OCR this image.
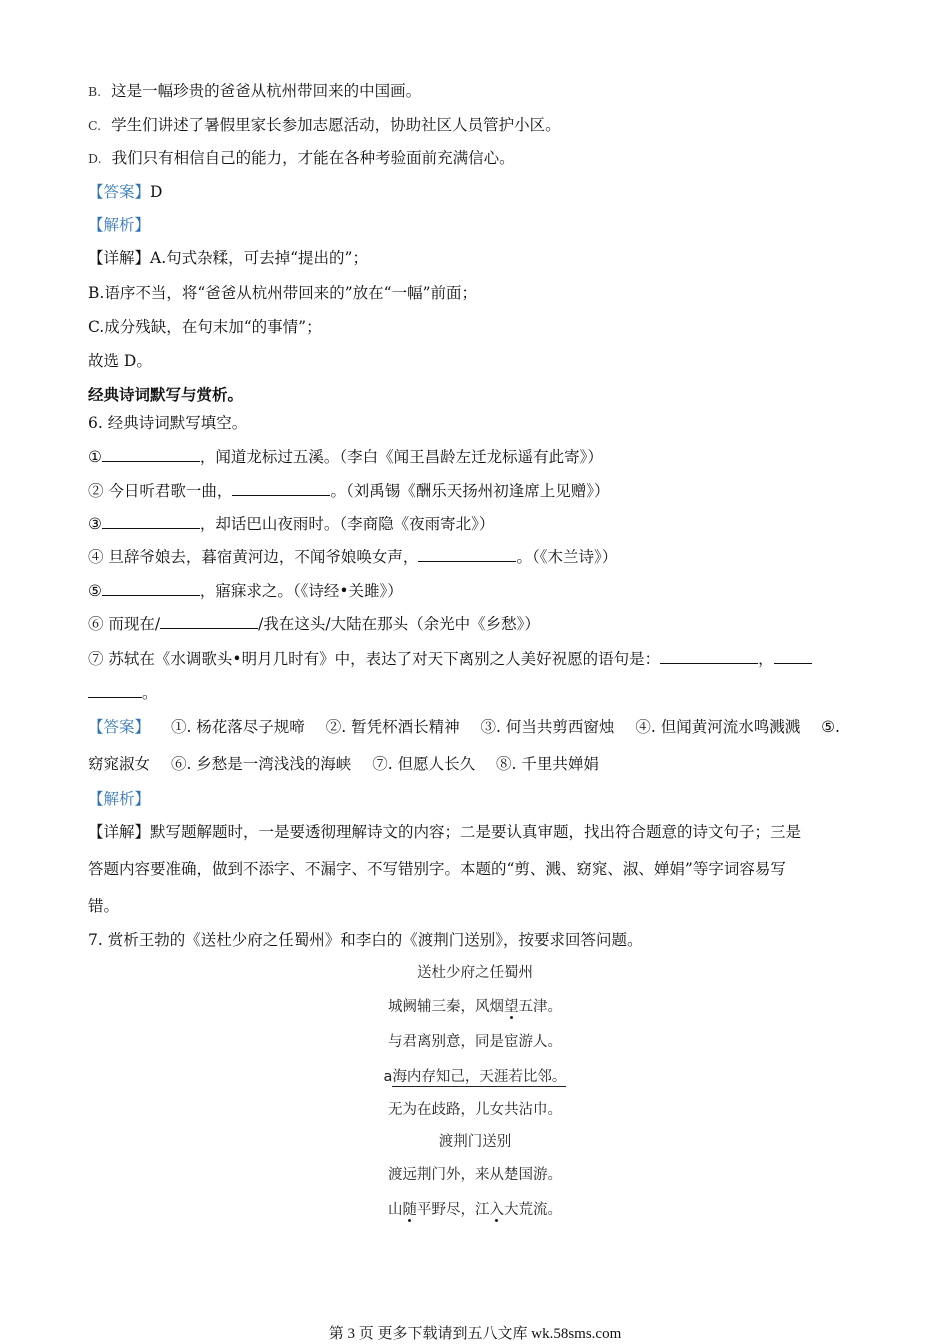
B. 这是一幅珍贵的爸爸从杭州带回来的中国画。
C. 学生们讲述了暑假里家长参加志愿活动，协助社区人员管护小区。
D. 我们只有相信自己的能力，才能在各种考验面前充满信心。
【答案】D
【解析】
【详解】A.句式杂糅，可去掉“提出的”；
B.语序不当，将“爸爸从杭州带回来的”放在“一幅”前面；
C.成分残缺，在句末加“的事情”；
故选 D。
经典诗词默写与赏析。
6. 经典诗词默写填空。
①	，闻道龙标过五溪。（李白《闻王昌龄左迁龙标遥有此寄》）
② 今日听君歌一曲，	。（刘禹锡《酬乐天扬州初逢席上见赠》）
③	，却话巴山夜雨时。（李商隐《夜雨寄北》）
④ 旦辞爷娘去，暮宿黄河边，不闻爷娘唤女声，	。（《木兰诗》）
⑤	，寤寐求之。（《诗经•关雎》）
⑥ 而现在/	/我在这头/大陆在那头（余光中《乡愁》）
⑦ 苏轼在《水调歌头•明月几时有》中，表达了对天下离别之人美好祝愿的语句是：	，
。
【答案】 ①. 杨花落尽子规啼 ②. 暂凭杯酒长精神 ③. 何当共剪西窗烛 ④. 但闻黄河流水鸣溅溅 ⑤.
窈窕淑女 ⑥. 乡愁是一湾浅浅的海峡 ⑦. 但愿人长久 ⑧. 千里共婵娟
【解析】
【详解】默写题解题时，一是要透彻理解诗文的内容；二是要认真审题，找出符合题意的诗文句子；三是
答题内容要准确，做到不添字、不漏字、不写错别字。本题的“剪、溅、窈窕、淑、婵娟”等字词容易写
错。
7. 赏析王勃的《送杜少府之任蜀州》和李白的《渡荆门送别》，按要求回答问题。
送杜少府之任蜀州
城阙辅三秦，风烟望五津。
与君离别意，同是宦游人。
a海内存知己，天涯若比邻。
无为在歧路，儿女共沾巾。
渡荆门送别
渡远荆门外，来从楚国游。
山随平野尽，江入大荒流。
第 3 页 更多下载请到五八文库 wk.58sms.com
